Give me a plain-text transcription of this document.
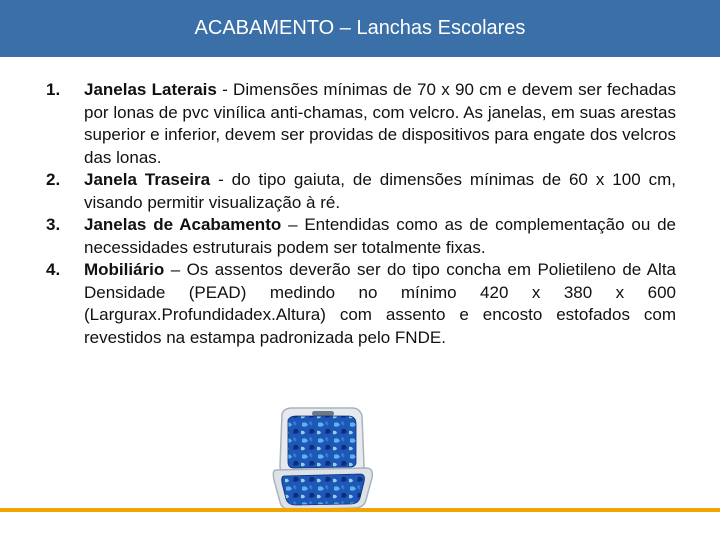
ACABAMENTO – Lanchas Escolares
1. Janelas Laterais - Dimensões mínimas de 70 x 90 cm e devem ser fechadas por lonas de pvc vinílica anti-chamas, com velcro. As janelas, em suas arestas superior e inferior, devem ser providas de dispositivos para engate dos velcros das lonas.
2. Janela Traseira - do tipo gaiuta, de dimensões mínimas de 60 x 100 cm, visando permitir visualização à ré.
3. Janelas de Acabamento – Entendidas como as de complementação ou de necessidades estruturais podem ser totalmente fixas.
4. Mobiliário – Os assentos deverão ser do tipo concha em Polietileno de Alta Densidade (PEAD) medindo no mínimo 420 x 380 x 600 (Largurax.Profundidadex.Altura) com assento e encosto estofados com revestidos na estampa padronizada pelo FNDE.
